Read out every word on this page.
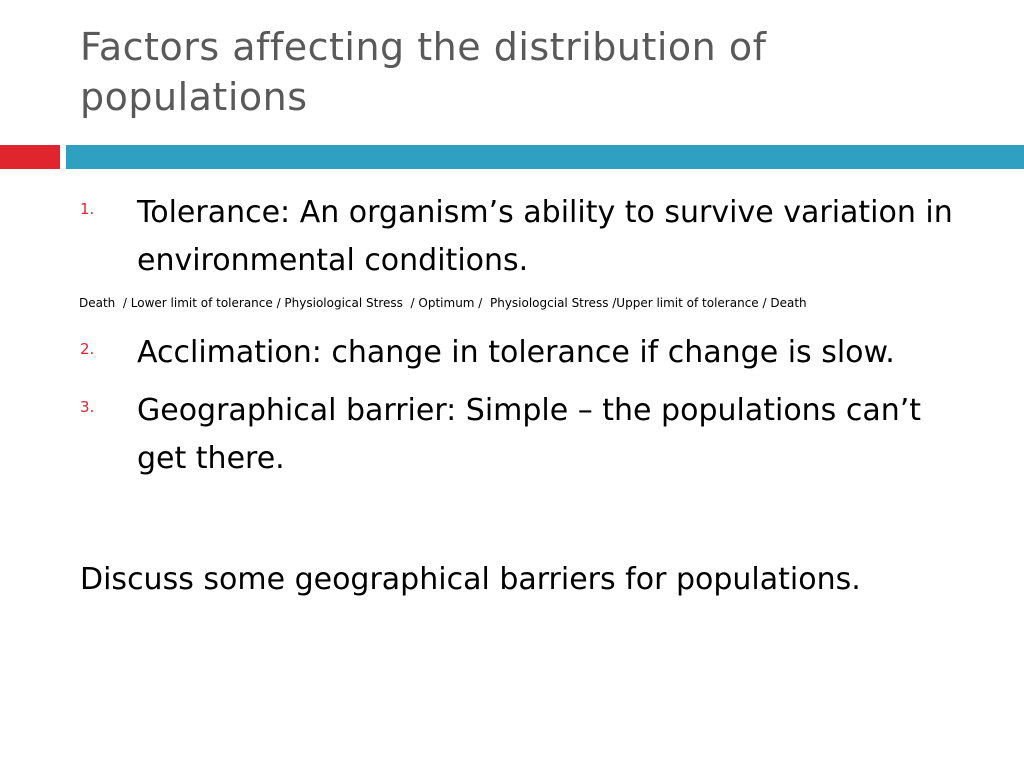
Factors affecting the distribution of populations
1. Tolerance: An organism’s ability to survive variation in environmental conditions.
Death  / Lower limit of tolerance / Physiological Stress  / Optimum /  Physiologcial Stress /Upper limit of tolerance / Death
2. Acclimation: change in tolerance if change is slow.
3. Geographical barrier: Simple – the populations can’t get there.
Discuss some geographical barriers for populations.
